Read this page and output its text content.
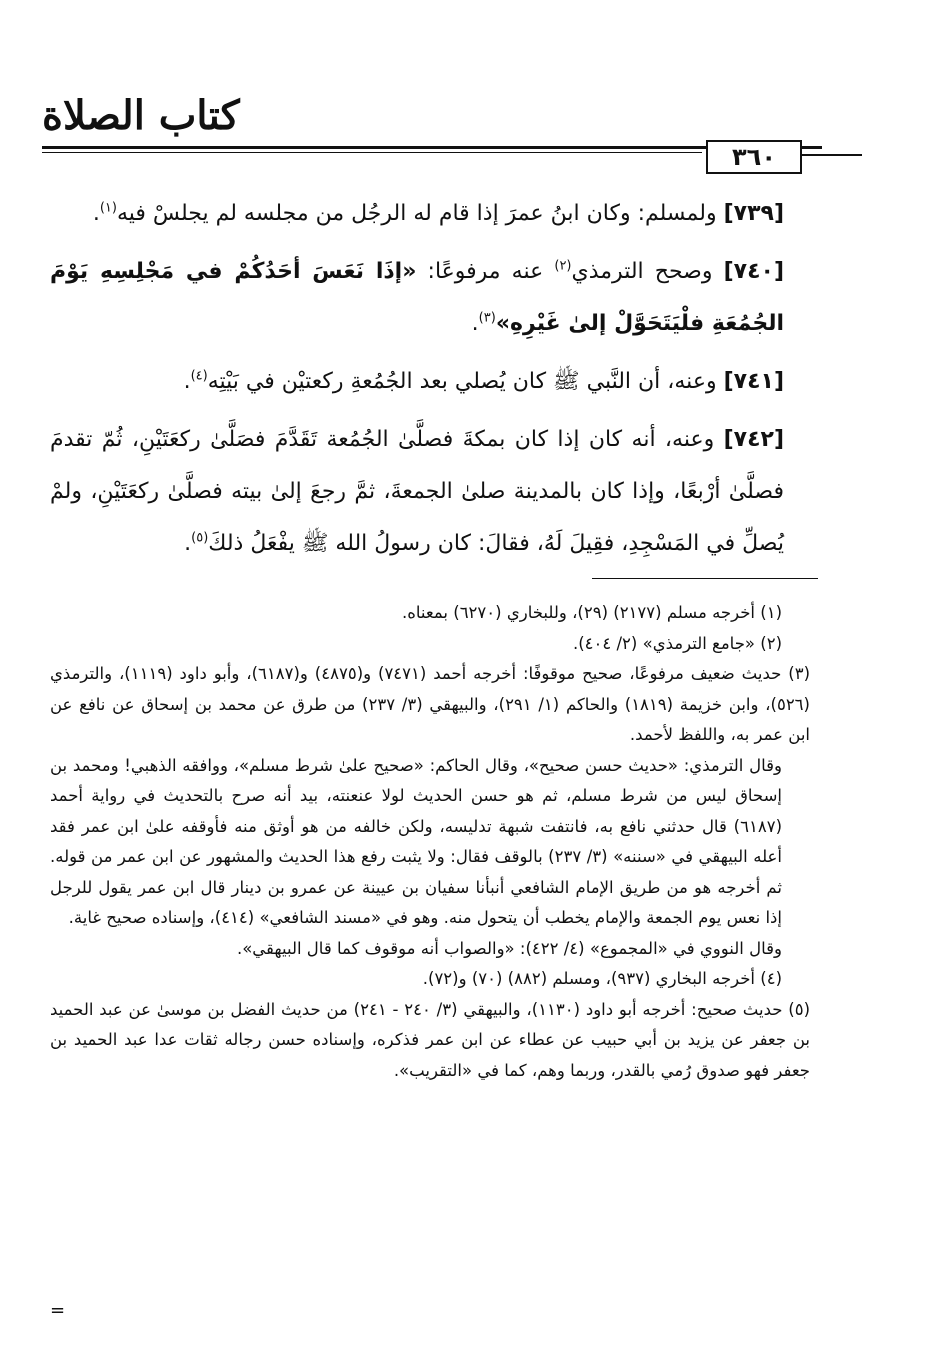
كتاب الصلاة
٣٦٠

[٧٣٩] ولمسلم: وكان ابنُ عمرَ إذا قام له الرجُل من مجلسه لم يجلسْ فيه$^{(١)}$.

[٧٤٠] وصحح الترمذي$^{(٢)}$ عنه مرفوعًا: «إذَا نَعَسَ أحَدُكُمْ في مَجْلِسِهِ يَوْمَ الجُمُعَةِ فلْيَتَحَوَّلْ إلىٰ غَيْرِهِ»$^{(٣)}$.

[٧٤١] وعنه، أن النَّبي ﷺ كان يُصلي بعد الجُمُعةِ ركعتيْن في بَيْتِه$^{(٤)}$.

[٧٤٢] وعنه، أنه كان إذا كان بمكةَ فصلَّىٰ الجُمُعة تَقَدَّمَ فصَلَّىٰ ركعَتَيْنِ، ثُمّ تقدمَ فصلَّىٰ أرْبعًا، وإذا كان بالمدينة صلىٰ الجمعةَ، ثمَّ رجعَ إلىٰ بيته فصلَّىٰ ركعَتَيْنِ، ولمْ يُصلِّ في المَسْجِدِ، فقِيلَ لَهُ، فقالَ: كان رسولُ الله ﷺ يفْعَلُ ذلكَ$^{(٥)}$.

(١) أخرجه مسلم (٢١٧٧) (٢٩)، وللبخاري (٦٢٧٠) بمعناه.

(٢) «جامع الترمذي» (٢/ ٤٠٤).

(٣) حديث ضعيف مرفوعًا، صحيح موقوفًا: أخرجه أحمد (٧٤٧١) و(٤٨٧٥) و(٦١٨٧)، وأبو داود (١١١٩)، والترمذي (٥٢٦)، وابن خزيمة (١٨١٩) والحاكم (١/ ٢٩١)، والبيهقي (٣/ ٢٣٧) من طرق عن محمد بن إسحاق عن نافع عن ابن عمر به، واللفظ لأحمد.

وقال الترمذي: «حديث حسن صحيح»، وقال الحاكم: «صحيح علىٰ شرط مسلم»، ووافقه الذهبي! ومحمد بن إسحاق ليس من شرط مسلم، ثم هو حسن الحديث لولا عنعنته، بيد أنه صرح بالتحديث في رواية أحمد (٦١٨٧) قال حدثني نافع به، فانتفت شبهة تدليسه، ولكن خالفه من هو أوثق منه فأوقفه علىٰ ابن عمر فقد أعله البيهقي في «سننه» (٣/ ٢٣٧) بالوقف فقال: ولا يثبت رفع هذا الحديث والمشهور عن ابن عمر من قوله. ثم أخرجه هو من طريق الإمام الشافعي أنبأنا سفيان بن عيينة عن عمرو بن دينار قال ابن عمر يقول للرجل إذا نعس يوم الجمعة والإمام يخطب أن يتحول منه. وهو في «مسند الشافعي» (٤١٤)، وإسناده صحيح غاية.

وقال النووي في «المجموع» (٤/ ٤٢٢): «والصواب أنه موقوف كما قال البيهقي».

(٤) أخرجه البخاري (٩٣٧)، ومسلم (٨٨٢) (٧٠) و(٧٢).

(٥) حديث صحيح: أخرجه أبو داود (١١٣٠)، والبيهقي (٣/ ٢٤٠ - ٢٤١) من حديث الفضل بن موسىٰ عن عبد الحميد بن جعفر عن يزيد بن أبي حبيب عن عطاء عن ابن عمر فذكره، وإسناده حسن رجاله ثقات عدا عبد الحميد بن جعفر فهو صدوق رُمي بالقدر، وربما وهم، كما في «التقريب».

=
